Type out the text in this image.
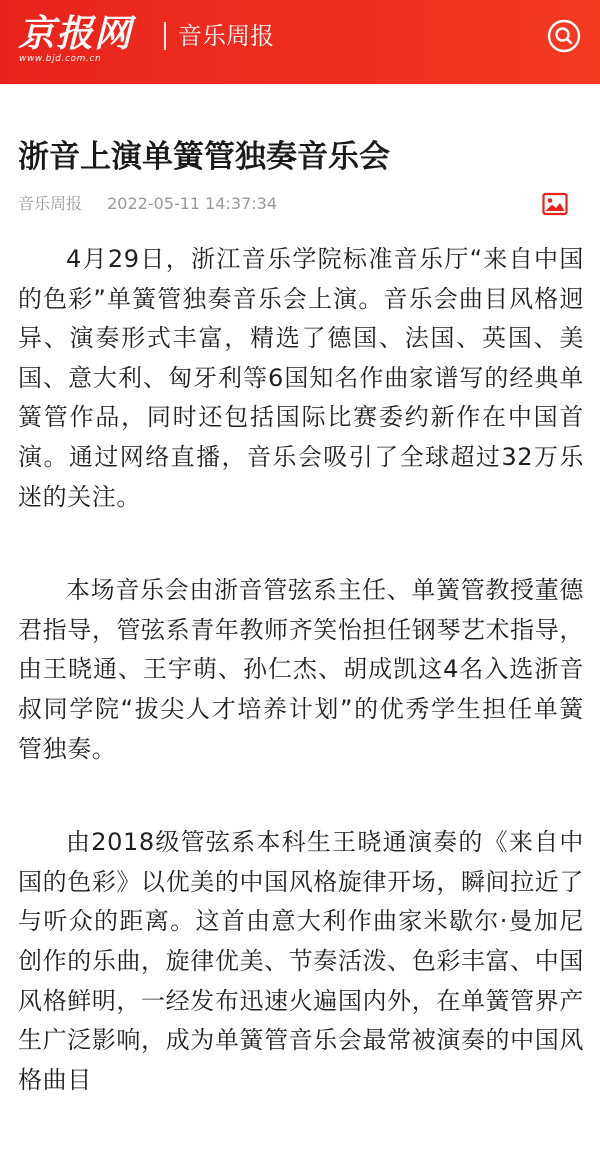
京报网
www.bjd.com.cn
音乐周报
浙音上演单簧管独奏音乐会
音乐周报 2022-05-11 14:37:34

4月29日，浙江音乐学院标准音乐厅“来自中国的色彩”单簧管独奏音乐会上演。音乐会曲目风格迥异、演奏形式丰富，精选了德国、法国、英国、美国、意大利、匈牙利等6国知名作曲家谱写的经典单簧管作品，同时还包括国际比赛委约新作在中国首演。通过网络直播，音乐会吸引了全球超过32万乐迷的关注。

本场音乐会由浙音管弦系主任、单簧管教授董德君指导，管弦系青年教师齐笑怡担任钢琴艺术指导，由王晓通、王宇萌、孙仁杰、胡成凯这4名入选浙音叔同学院“拔尖人才培养计划”的优秀学生担任单簧管独奏。

由2018级管弦系本科生王晓通演奏的《来自中国的色彩》以优美的中国风格旋律开场，瞬间拉近了与听众的距离。这首由意大利作曲家米歇尔·曼加尼创作的乐曲，旋律优美、节奏活泼、色彩丰富、中国风格鲜明，一经发布迅速火遍国内外，在单簧管界产生广泛影响，成为单簧管音乐会最常被演奏的中国风格曲目
